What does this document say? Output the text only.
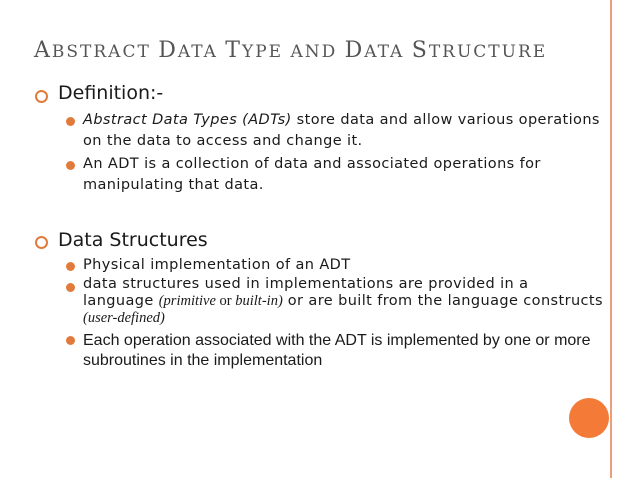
ABSTRACT DATA TYPE AND DATA STRUCTURE
Definition:-
Abstract Data Types (ADTs) store data and allow various operations on the data to access and change it.
An ADT is a collection of data and associated operations for manipulating that data.
Data Structures
Physical implementation of an ADT
data structures used in implementations are provided in a language (primitive or built-in) or are built from the language constructs (user-defined)
Each operation associated with the ADT is implemented by one or more subroutines in the implementation
